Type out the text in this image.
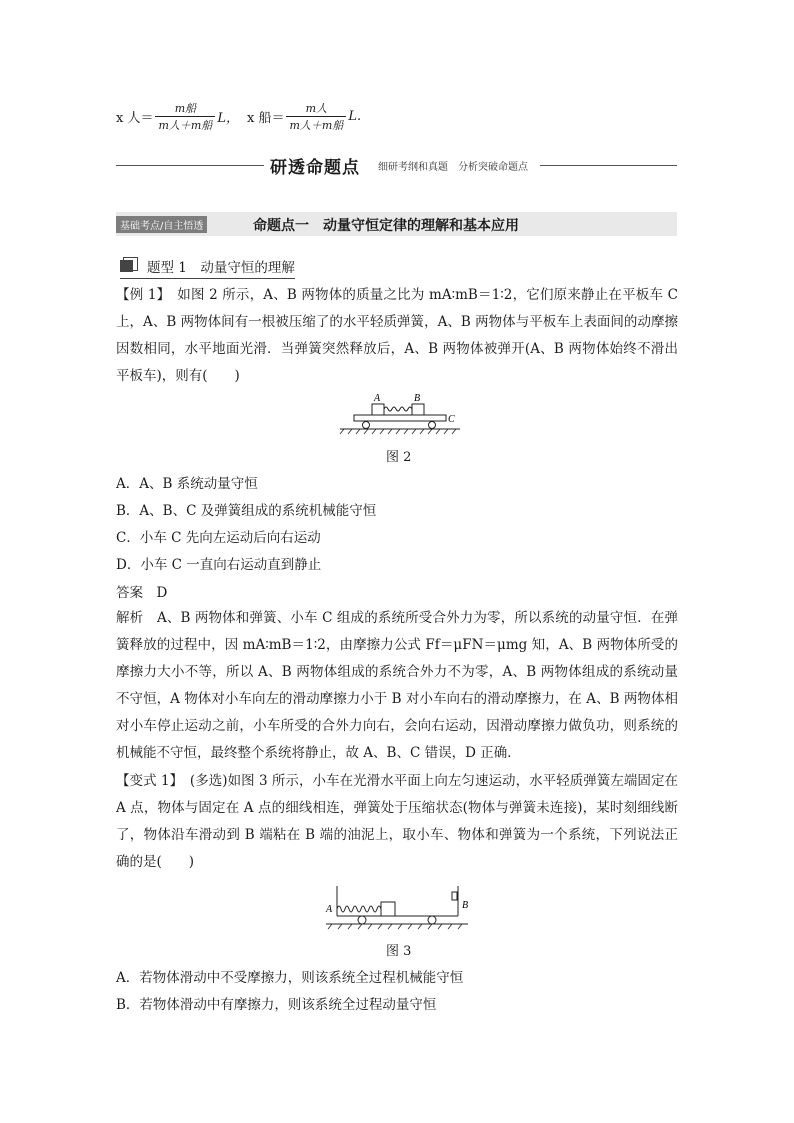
x 人＝ $\frac{\text{m船}}{\text{m人＋m船}}$ L， x 船＝ $\frac{\text{m人}}{\text{m人＋m船}} L$.
研透命题点 细研考纲和真题　分析突破命题点
基础考点/自主悟透	命题点一　动量守恒定律的理解和基本应用
题型 1　动量守恒的理解
【例 1】　如图 2 所示，A、B 两物体的质量之比为 mA∶mB＝1∶2，它们原来静止在平板车 C 上，A、B 两物体间有一根被压缩了的水平轻质弹簧，A、B 两物体与平板车上表面间的动摩擦因数相同，水平地面光滑．当弹簧突然释放后，A、B 两物体被弹开(A、B 两物体始终不滑出平板车)，则有(　　)
A	B
C
图 2
A．A、B 系统动量守恒
B．A、B、C 及弹簧组成的系统机械能守恒
C．小车 C 先向左运动后向右运动
D．小车 C 一直向右运动直到静止
答案　D
解析　A、B 两物体和弹簧、小车 C 组成的系统所受合外力为零，所以系统的动量守恒．在弹簧释放的过程中，因 mA∶mB＝1∶2，由摩擦力公式 Ff＝μFN＝μmg 知，A、B 两物体所受的摩擦力大小不等，所以 A、B 两物体组成的系统合外力不为零，A、B 两物体组成的系统动量不守恒，A 物体对小车向左的滑动摩擦力小于 B 对小车向右的滑动摩擦力，在 A、B 两物体相对小车停止运动之前，小车所受的合外力向右，会向右运动，因滑动摩擦力做负功，则系统的机械能不守恒，最终整个系统将静止，故 A、B、C 错误，D 正确．
【变式 1】　(多选)如图 3 所示，小车在光滑水平面上向左匀速运动，水平轻质弹簧左端固定在 A 点，物体与固定在 A 点的细线相连，弹簧处于压缩状态(物体与弹簧未连接)，某时刻细线断了，物体沿车滑动到 B 端粘在 B 端的油泥上，取小车、物体和弹簧为一个系统，下列说法正确的是(　　)
A	B
图 3
A．若物体滑动中不受摩擦力，则该系统全过程机械能守恒
B．若物体滑动中有摩擦力，则该系统全过程动量守恒
